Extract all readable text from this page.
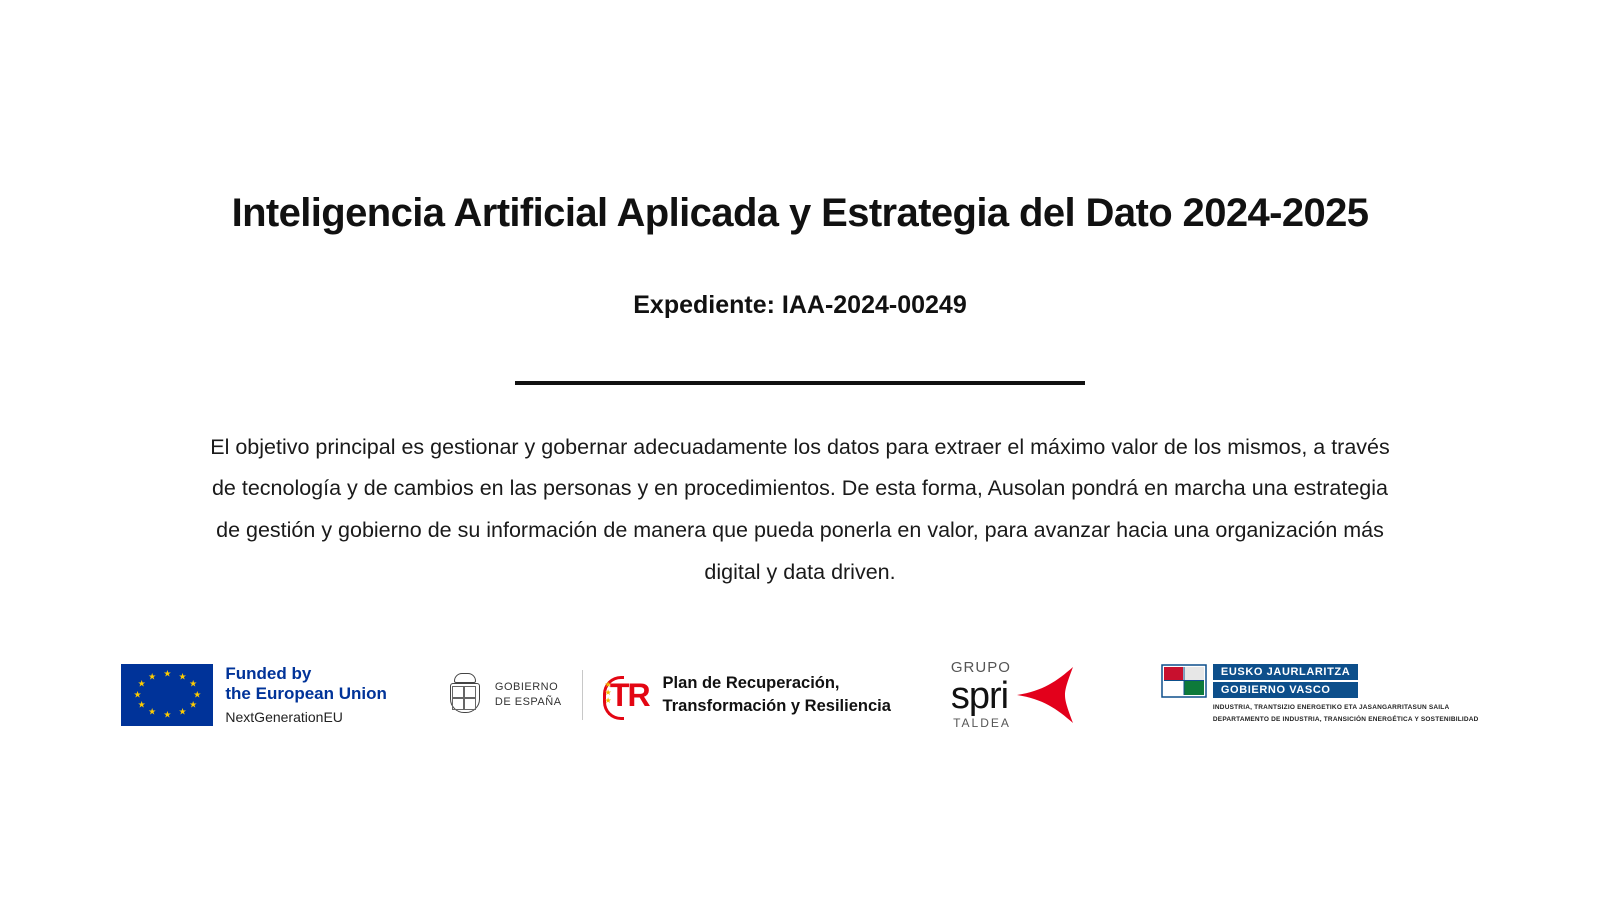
Inteligencia Artificial Aplicada y Estrategia del Dato 2024-2025
Expediente: IAA-2024-00249

El objetivo principal es gestionar y gobernar adecuadamente los datos para extraer el máximo valor de los mismos, a través de tecnología y de cambios en las personas y en procedimientos. De esta forma, Ausolan pondrá en marcha una estrategia de gestión y gobierno de su información de manera que pueda ponerla en valor, para avanzar hacia una organización más digital y data driven.

★ ★
★
★
★
★
★
★
★
★
★
★	Funded by
the European Union
NextGenerationEU
GOBIERNO
DE ESPAÑA
★
★
★
TR Plan de Recuperación,
Transformación y Resiliencia
GRUPO
spri
TALDEA
EUSKO JAURLARITZA
GOBIERNO VASCO
INDUSTRIA, TRANTSIZIO ENERGETIKO ETA JASANGARRITASUN SAILA
DEPARTAMENTO DE INDUSTRIA, TRANSICIÓN ENERGÉTICA Y SOSTENIBILIDAD
